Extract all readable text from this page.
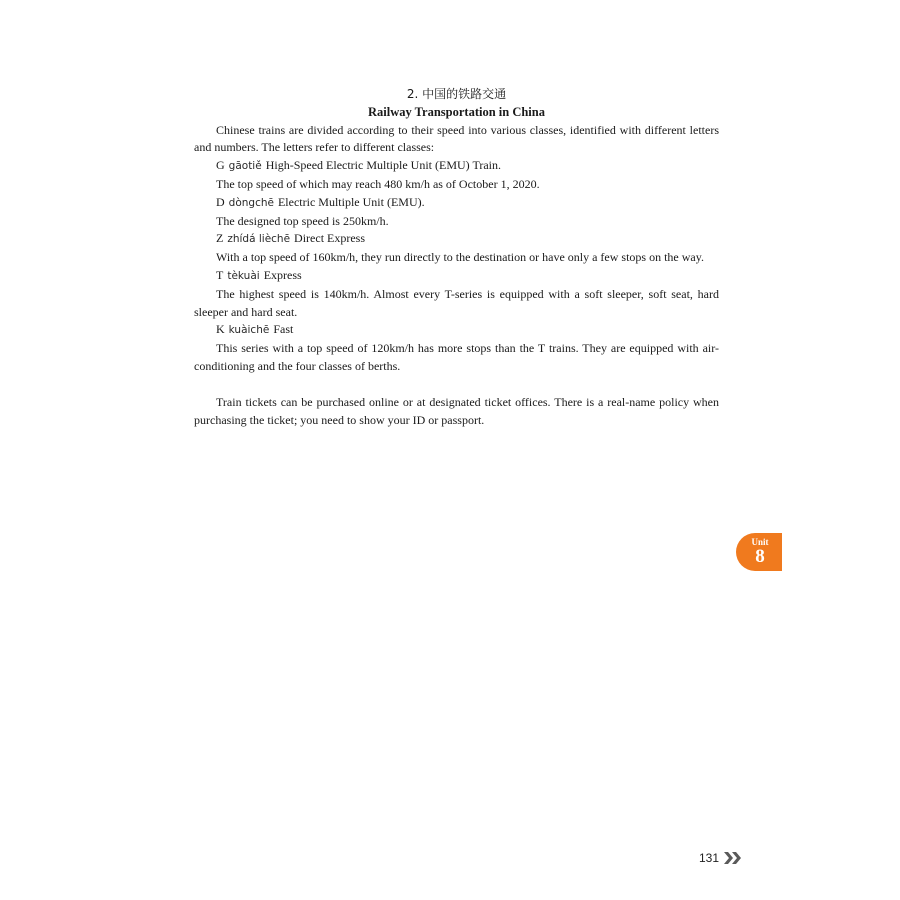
2. 中国的铁路交通

Railway Transportation in China

Chinese trains are divided according to their speed into various classes, identified with different letters and numbers. The letters refer to different classes:

G gāotiě High-Speed Electric Multiple Unit (EMU) Train.

The top speed of which may reach 480 km/h as of October 1, 2020.

D dòngchē Electric Multiple Unit (EMU).

The designed top speed is 250km/h.

Z zhídá lièchē Direct Express

With a top speed of 160km/h, they run directly to the destination or have only a few stops on the way.

T tèkuài Express

The highest speed is 140km/h. Almost every T-series is equipped with a soft sleeper, soft seat, hard sleeper and hard seat.

K kuàichē Fast

This series with a top speed of 120km/h has more stops than the T trains. They are equipped with air-conditioning and the four classes of berths.

Train tickets can be purchased online or at designated ticket offices. There is a real-name policy when purchasing the ticket; you need to show your ID or passport.

Unit
8
131
